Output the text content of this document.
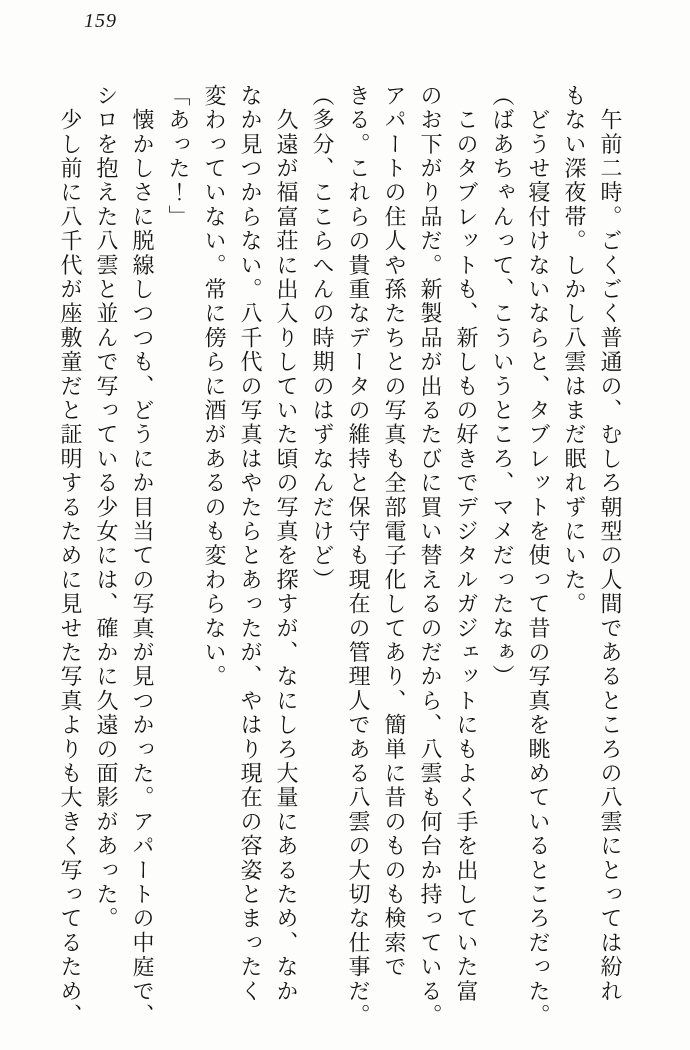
159

　午前二時。ごくごく普通の、むしろ朝型の人間であるところの八雲にとっては紛れ

もない深夜帯。しかし八雲はまだ眠れずにいた。

　どうせ寝付けないならと、タブレットを使って昔の写真を眺めているところだった。

（ばあちゃんって、こういうところ、マメだったなぁ）

　このタブレットも、新しもの好きでデジタルガジェットにもよく手を出していた富

のお下がり品だ。新製品が出るたびに買い替えるのだから、八雲も何台か持っている。

アパートの住人や孫たちとの写真も全部電子化してあり、簡単に昔のものも検索で

きる。これらの貴重なデータの維持と保守も現在の管理人である八雲の大切な仕事だ。

（多分、ここらへんの時期のはずなんだけど）

　久遠が福富荘に出入りしていた頃の写真を探すが、なにしろ大量にあるため、なか

なか見つからない。八千代の写真はやたらとあったが、やはり現在の容姿とまったく

変わっていない。常に傍らに酒があるのも変わらない。

「あった！」

　懐かしさに脱線しつつも、どうにか目当ての写真が見つかった。アパートの中庭で、

シロを抱えた八雲と並んで写っている少女には、確かに久遠の面影があった。

　少し前に八千代が座敷童だと証明するために見せた写真よりも大きく写ってるため、
